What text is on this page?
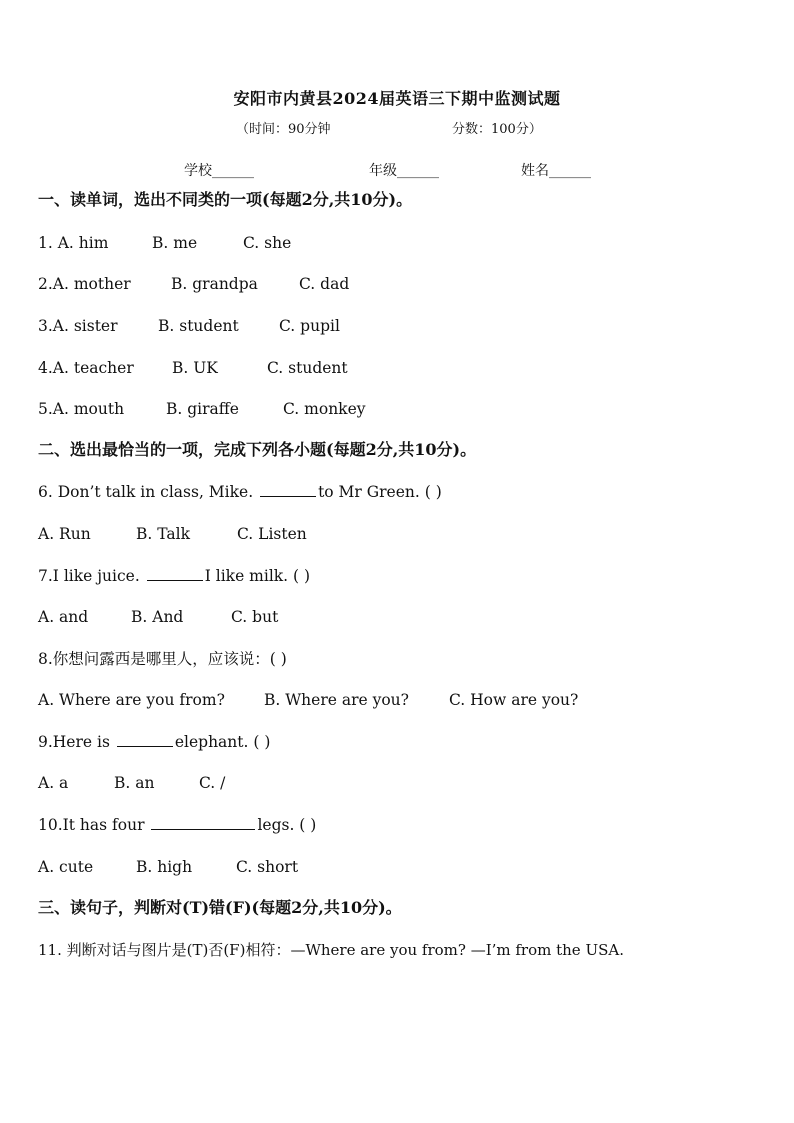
安阳市内黄县2024届英语三下期中监测试题
（时间：90分钟	分数：100分）
学校______	年级______	姓名______
一、读单词，选出不同类的一项(每题2分,共10分)。
1. A. him	B. me	C. she
2.A. mother	B. grandpa	C. dad
3.A. sister	B. student	C. pupil
4.A. teacher B. UK	C. student
5.A. mouth	B. giraffe	C. monkey
二、选出最恰当的一项，完成下列各小题(每题2分,共10分)。
6. Don’t talk in class, Mike.	to Mr Green. ( )
A. Run	B. Talk	C. Listen
7.I like juice.	I like milk. ( )
A. and	B. And	C. but
8.你想问露西是哪里人，应该说：( )
A. Where are you from?	B. Where are you?	C. How are you?
9.Here is	elephant. ( )
A. a	B. an	C. /
10.It has four	legs. ( )
A. cute	B. high	C. short
三、读句子，判断对(T)错(F)(每题2分,共10分)。
11. 判断对话与图片是(T)否(F)相符：—Where are you from? —I’m from the USA.
